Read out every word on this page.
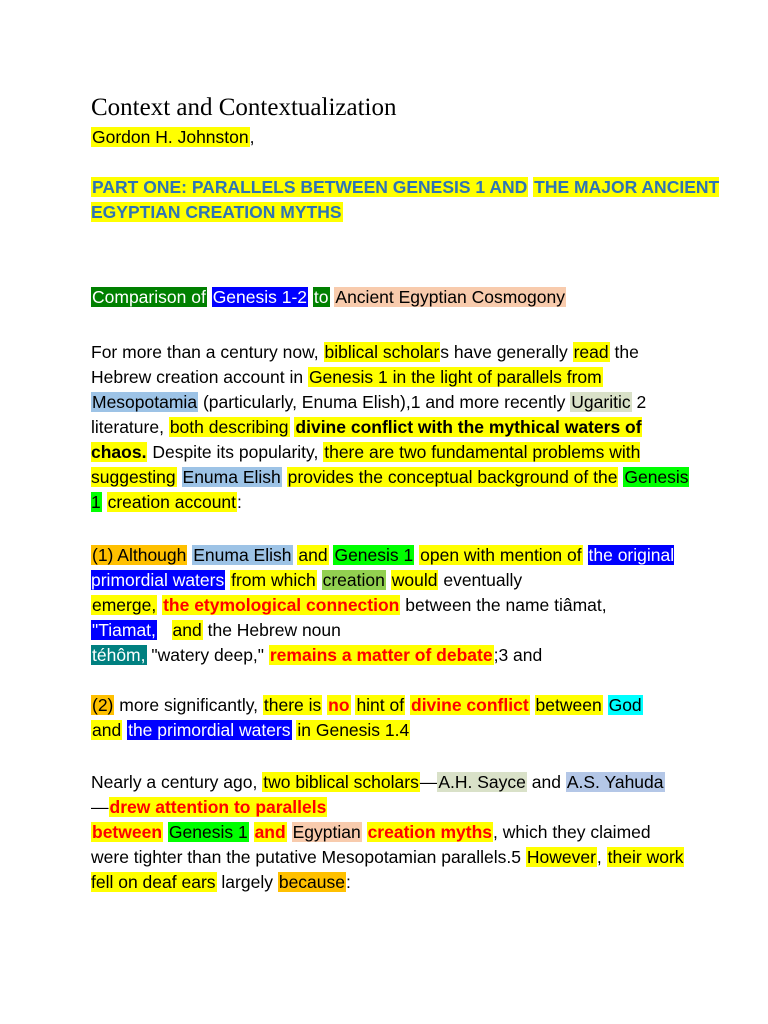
Context and Contextualization
Gordon H. Johnston,
PART ONE: PARALLELS BETWEEN GENESIS 1 AND THE MAJOR ANCIENT EGYPTIAN CREATION MYTHS
Comparison of Genesis 1-2 to Ancient Egyptian Cosmogony
For more than a century now, biblical scholars have generally read the Hebrew creation account in Genesis 1 in the light of parallels from Mesopotamia (particularly, Enuma Elish),1 and more recently Ugaritic 2 literature, both describing divine conflict with the mythical waters of chaos. Despite its popularity, there are two fundamental problems with suggesting Enuma Elish provides the conceptual background of the Genesis 1 creation account:
(1) Although Enuma Elish and Genesis 1 open with mention of the original primordial waters from which creation would eventually
emerge, the etymological connection between the name tiâmat,
"Tiamat, and the Hebrew noun
téhôm, "watery deep," remains a matter of debate;3 and
(2) more significantly, there is no hint of divine conflict between God
and the primordial waters in Genesis 1.4
Nearly a century ago, two biblical scholars—A.H. Sayce and A.S. Yahuda
—drew attention to parallels
between Genesis 1 and Egyptian creation myths, which they claimed were tighter than the putative Mesopotamian parallels.5 However, their work fell on deaf ears largely because:
